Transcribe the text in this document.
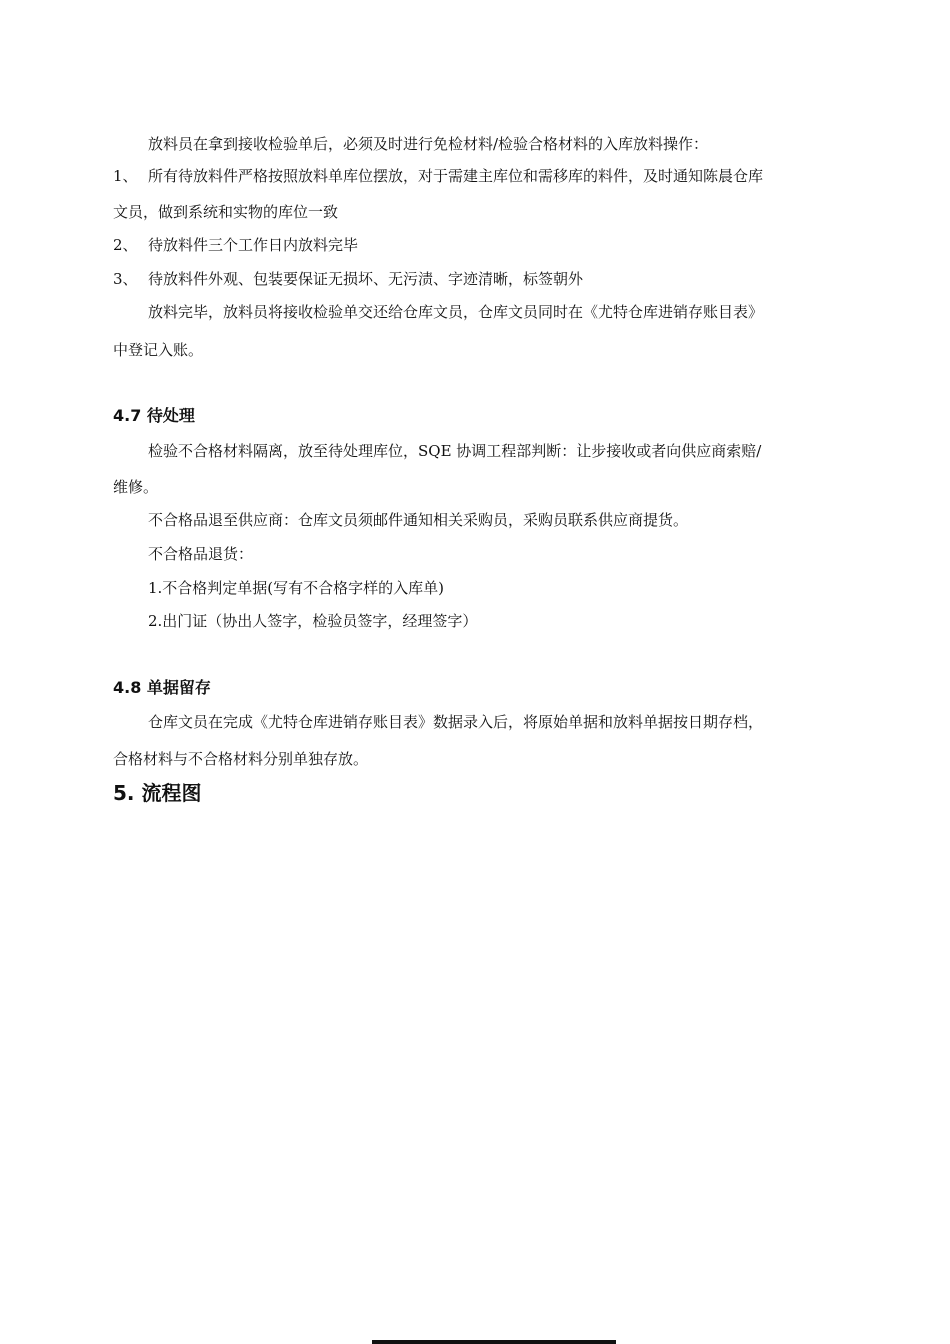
放料员在拿到接收检验单后，必须及时进行免检材料/检验合格材料的入库放料操作：
1、 所有待放料件严格按照放料单库位摆放，对于需建主库位和需移库的料件，及时通知陈晨仓库
文员，做到系统和实物的库位一致
2、 待放料件三个工作日内放料完毕
3、 待放料件外观、包装要保证无损坏、无污渍、字迹清晰，标签朝外
放料完毕，放料员将接收检验单交还给仓库文员，仓库文员同时在《尤特仓库进销存账目表》
中登记入账。
4.7 待处理
检验不合格材料隔离，放至待处理库位，SQE 协调工程部判断：让步接收或者向供应商索赔/
维修。
不合格品退至供应商：仓库文员须邮件通知相关采购员，采购员联系供应商提货。
不合格品退货：
1.不合格判定单据(写有不合格字样的入库单)
2.出门证（协出人签字，检验员签字，经理签字）
4.8 单据留存
仓库文员在完成《尤特仓库进销存账目表》数据录入后，将原始单据和放料单据按日期存档，
合格材料与不合格材料分别单独存放。
5. 流程图
